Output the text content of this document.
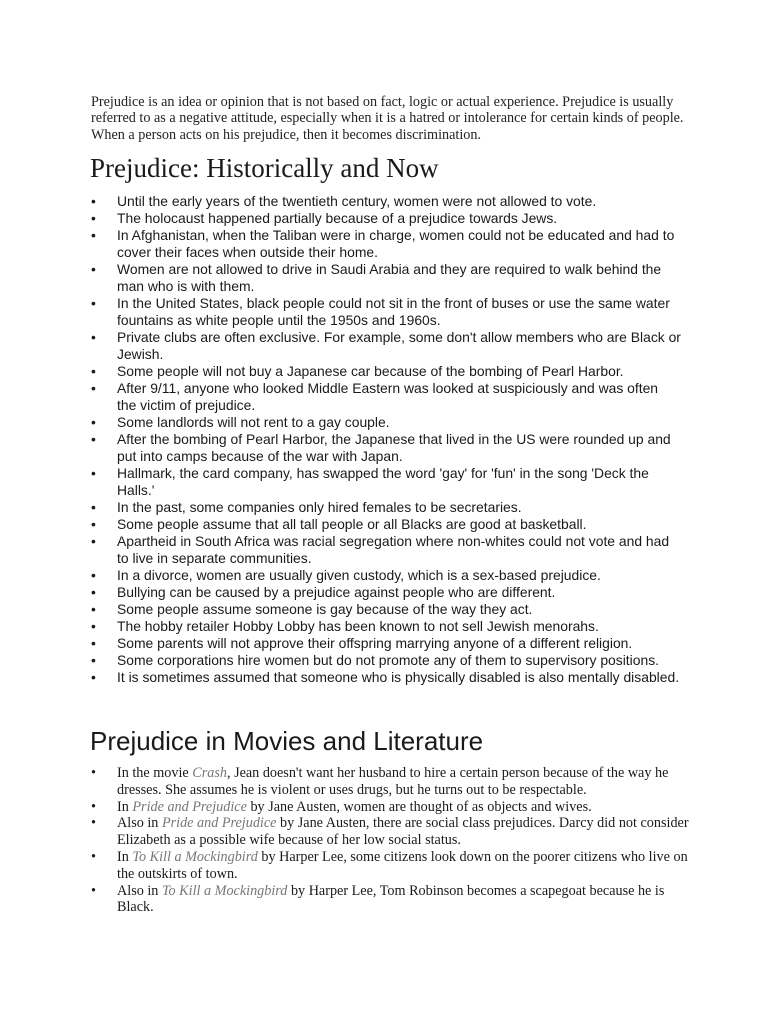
Prejudice is an idea or opinion that is not based on fact, logic or actual experience. Prejudice is usually referred to as a negative attitude, especially when it is a hatred or intolerance for certain kinds of people. When a person acts on his prejudice, then it becomes discrimination.

Prejudice: Historically and Now
• Until the early years of the twentieth century, women were not allowed to vote.
• The holocaust happened partially because of a prejudice towards Jews.
• In Afghanistan, when the Taliban were in charge, women could not be educated and had to cover their faces when outside their home.
• Women are not allowed to drive in Saudi Arabia and they are required to walk behind the man who is with them.
• In the United States, black people could not sit in the front of buses or use the same water fountains as white people until the 1950s and 1960s.
• Private clubs are often exclusive. For example, some don't allow members who are Black or Jewish.
• Some people will not buy a Japanese car because of the bombing of Pearl Harbor.
• After 9/11, anyone who looked Middle Eastern was looked at suspiciously and was often the victim of prejudice.
• Some landlords will not rent to a gay couple.
• After the bombing of Pearl Harbor, the Japanese that lived in the US were rounded up and put into camps because of the war with Japan.
• Hallmark, the card company, has swapped the word 'gay' for 'fun' in the song 'Deck the Halls.'
• In the past, some companies only hired females to be secretaries.
• Some people assume that all tall people or all Blacks are good at basketball.
• Apartheid in South Africa was racial segregation where non-whites could not vote and had to live in separate communities.
• In a divorce, women are usually given custody, which is a sex-based prejudice.
• Bullying can be caused by a prejudice against people who are different.
• Some people assume someone is gay because of the way they act.
• The hobby retailer Hobby Lobby has been known to not sell Jewish menorahs.
• Some parents will not approve their offspring marrying anyone of a different religion.
• Some corporations hire women but do not promote any of them to supervisory positions.
• It is sometimes assumed that someone who is physically disabled is also mentally disabled.
Prejudice in Movies and Literature
• In the movie Crash, Jean doesn't want her husband to hire a certain person because of the way he dresses. She assumes he is violent or uses drugs, but he turns out to be respectable.
• In Pride and Prejudice by Jane Austen, women are thought of as objects and wives.
• Also in Pride and Prejudice by Jane Austen, there are social class prejudices. Darcy did not consider Elizabeth as a possible wife because of her low social status.
• In To Kill a Mockingbird by Harper Lee, some citizens look down on the poorer citizens who live on the outskirts of town.
• Also in To Kill a Mockingbird by Harper Lee, Tom Robinson becomes a scapegoat because he is Black.
